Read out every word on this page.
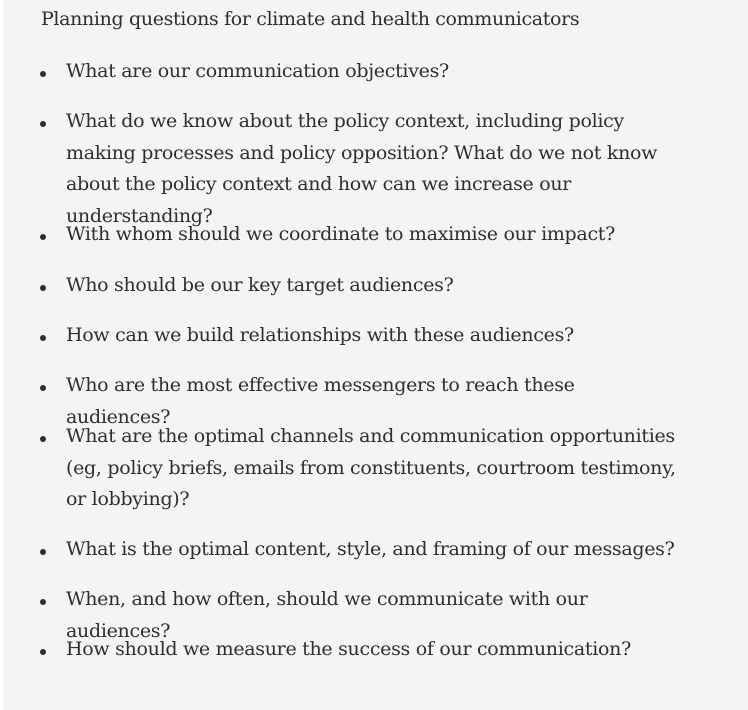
Planning questions for climate and health communicators
What are our communication objectives?
What do we know about the policy context, including policy making processes and policy opposition? What do we not know about the policy context and how can we increase our understanding?
With whom should we coordinate to maximise our impact?
Who should be our key target audiences?
How can we build relationships with these audiences?
Who are the most effective messengers to reach these audiences?
What are the optimal channels and communication opportunities (eg, policy briefs, emails from constituents, courtroom testimony, or lobbying)?
What is the optimal content, style, and framing of our messages?
When, and how often, should we communicate with our audiences?
How should we measure the success of our communication?
